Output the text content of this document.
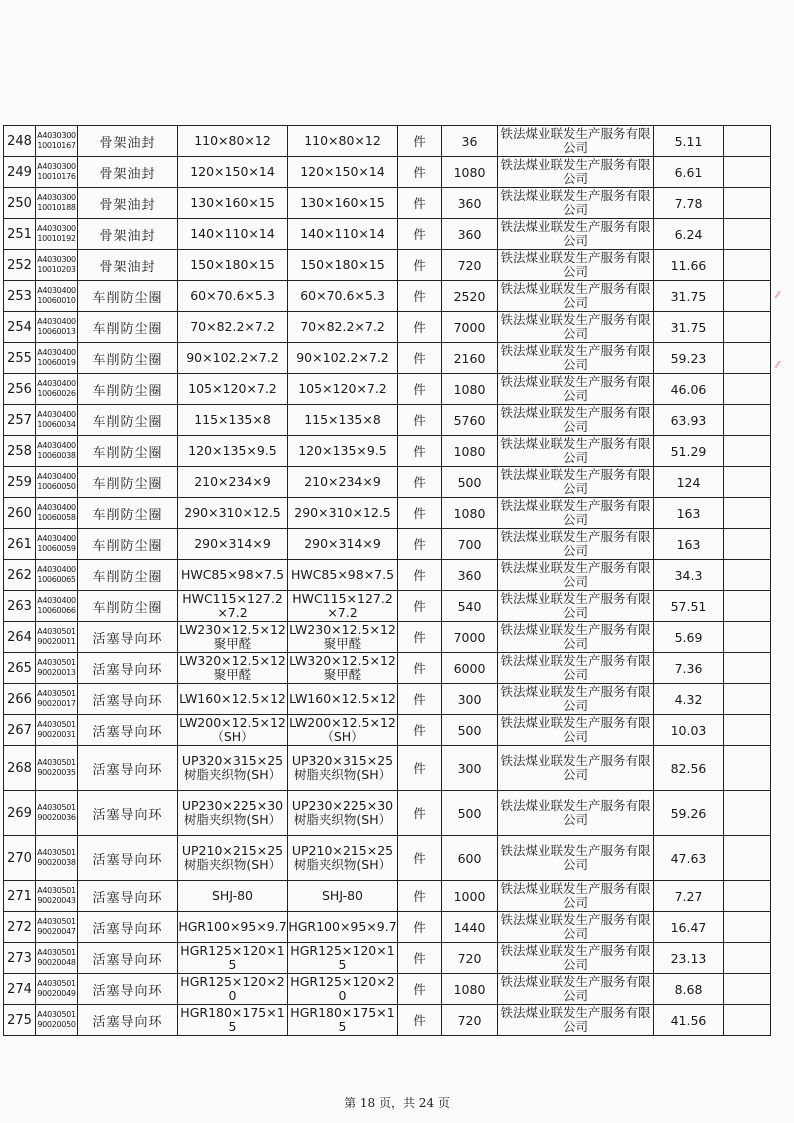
248	A4030300 10010167	骨架油封	110×80×12	110×80×12	件	36	铁法煤业联发生产服务有限公司	5.11	
249	A4030300 10010176	骨架油封	120×150×14	120×150×14	件	1080	铁法煤业联发生产服务有限公司	6.61	
250	A4030300 10010188	骨架油封	130×160×15	130×160×15	件	360	铁法煤业联发生产服务有限公司	7.78	
251	A4030300 10010192	骨架油封	140×110×14	140×110×14	件	360	铁法煤业联发生产服务有限公司	6.24	
252	A4030300 10010203	骨架油封	150×180×15	150×180×15	件	720	铁法煤业联发生产服务有限公司	11.66	
253	A4030400 10060010	车削防尘圈	60×70.6×5.3	60×70.6×5.3	件	2520	铁法煤业联发生产服务有限公司	31.75	
254	A4030400 10060013	车削防尘圈	70×82.2×7.2	70×82.2×7.2	件	7000	铁法煤业联发生产服务有限公司	31.75	
255	A4030400 10060019	车削防尘圈	90×102.2×7.2	90×102.2×7.2	件	2160	铁法煤业联发生产服务有限公司	59.23	
256	A4030400 10060026	车削防尘圈	105×120×7.2	105×120×7.2	件	1080	铁法煤业联发生产服务有限公司	46.06	
257	A4030400 10060034	车削防尘圈	115×135×8	115×135×8	件	5760	铁法煤业联发生产服务有限公司	63.93	
258	A4030400 10060038	车削防尘圈	120×135×9.5	120×135×9.5	件	1080	铁法煤业联发生产服务有限公司	51.29	
259	A4030400 10060050	车削防尘圈	210×234×9	210×234×9	件	500	铁法煤业联发生产服务有限公司	124	
260	A4030400 10060058	车削防尘圈	290×310×12.5	290×310×12.5	件	1080	铁法煤业联发生产服务有限公司	163	
261	A4030400 10060059	车削防尘圈	290×314×9	290×314×9	件	700	铁法煤业联发生产服务有限公司	163	
262	A4030400 10060065	车削防尘圈	HWC85×98×7.5	HWC85×98×7.5	件	360	铁法煤业联发生产服务有限公司	34.3	
263	A4030400 10060066	车削防尘圈	HWC115×127.2×7.2	HWC115×127.2×7.2	件	540	铁法煤业联发生产服务有限公司	57.51	
264	A4030501 90020011	活塞导向环	LW230×12.5×12聚甲醛	LW230×12.5×12聚甲醛	件	7000	铁法煤业联发生产服务有限公司	5.69	
265	A4030501 90020013	活塞导向环	LW320×12.5×12聚甲醛	LW320×12.5×12聚甲醛	件	6000	铁法煤业联发生产服务有限公司	7.36	
266	A4030501 90020017	活塞导向环	LW160×12.5×12	LW160×12.5×12	件	300	铁法煤业联发生产服务有限公司	4.32	
267	A4030501 90020031	活塞导向环	LW200×12.5×12（SH）	LW200×12.5×12（SH）	件	500	铁法煤业联发生产服务有限公司	10.03	
268	A4030501 90020035	活塞导向环	UP320×315×25树脂夹织物(SH）	UP320×315×25树脂夹织物(SH）	件	300	铁法煤业联发生产服务有限公司	82.56	
269	A4030501 90020036	活塞导向环	UP230×225×30树脂夹织物(SH）	UP230×225×30树脂夹织物(SH）	件	500	铁法煤业联发生产服务有限公司	59.26	
270	A4030501 90020038	活塞导向环	UP210×215×25树脂夹织物(SH）	UP210×215×25树脂夹织物(SH）	件	600	铁法煤业联发生产服务有限公司	47.63	
271	A4030501 90020043	活塞导向环	SHJ-80	SHJ-80	件	1000	铁法煤业联发生产服务有限公司	7.27	
272	A4030501 90020047	活塞导向环	HGR100×95×9.7	HGR100×95×9.7	件	1440	铁法煤业联发生产服务有限公司	16.47	
273	A4030501 90020048	活塞导向环	HGR125×120×15	HGR125×120×15	件	720	铁法煤业联发生产服务有限公司	23.13	
274	A4030501 90020049	活塞导向环	HGR125×120×20	HGR125×120×20	件	1080	铁法煤业联发生产服务有限公司	8.68	
275	A4030501 90020050	活塞导向环	HGR180×175×15	HGR180×175×15	件	720	铁法煤业联发生产服务有限公司	41.56	
⁄⁄
⁄⁄
第 18 页，共 24 页
